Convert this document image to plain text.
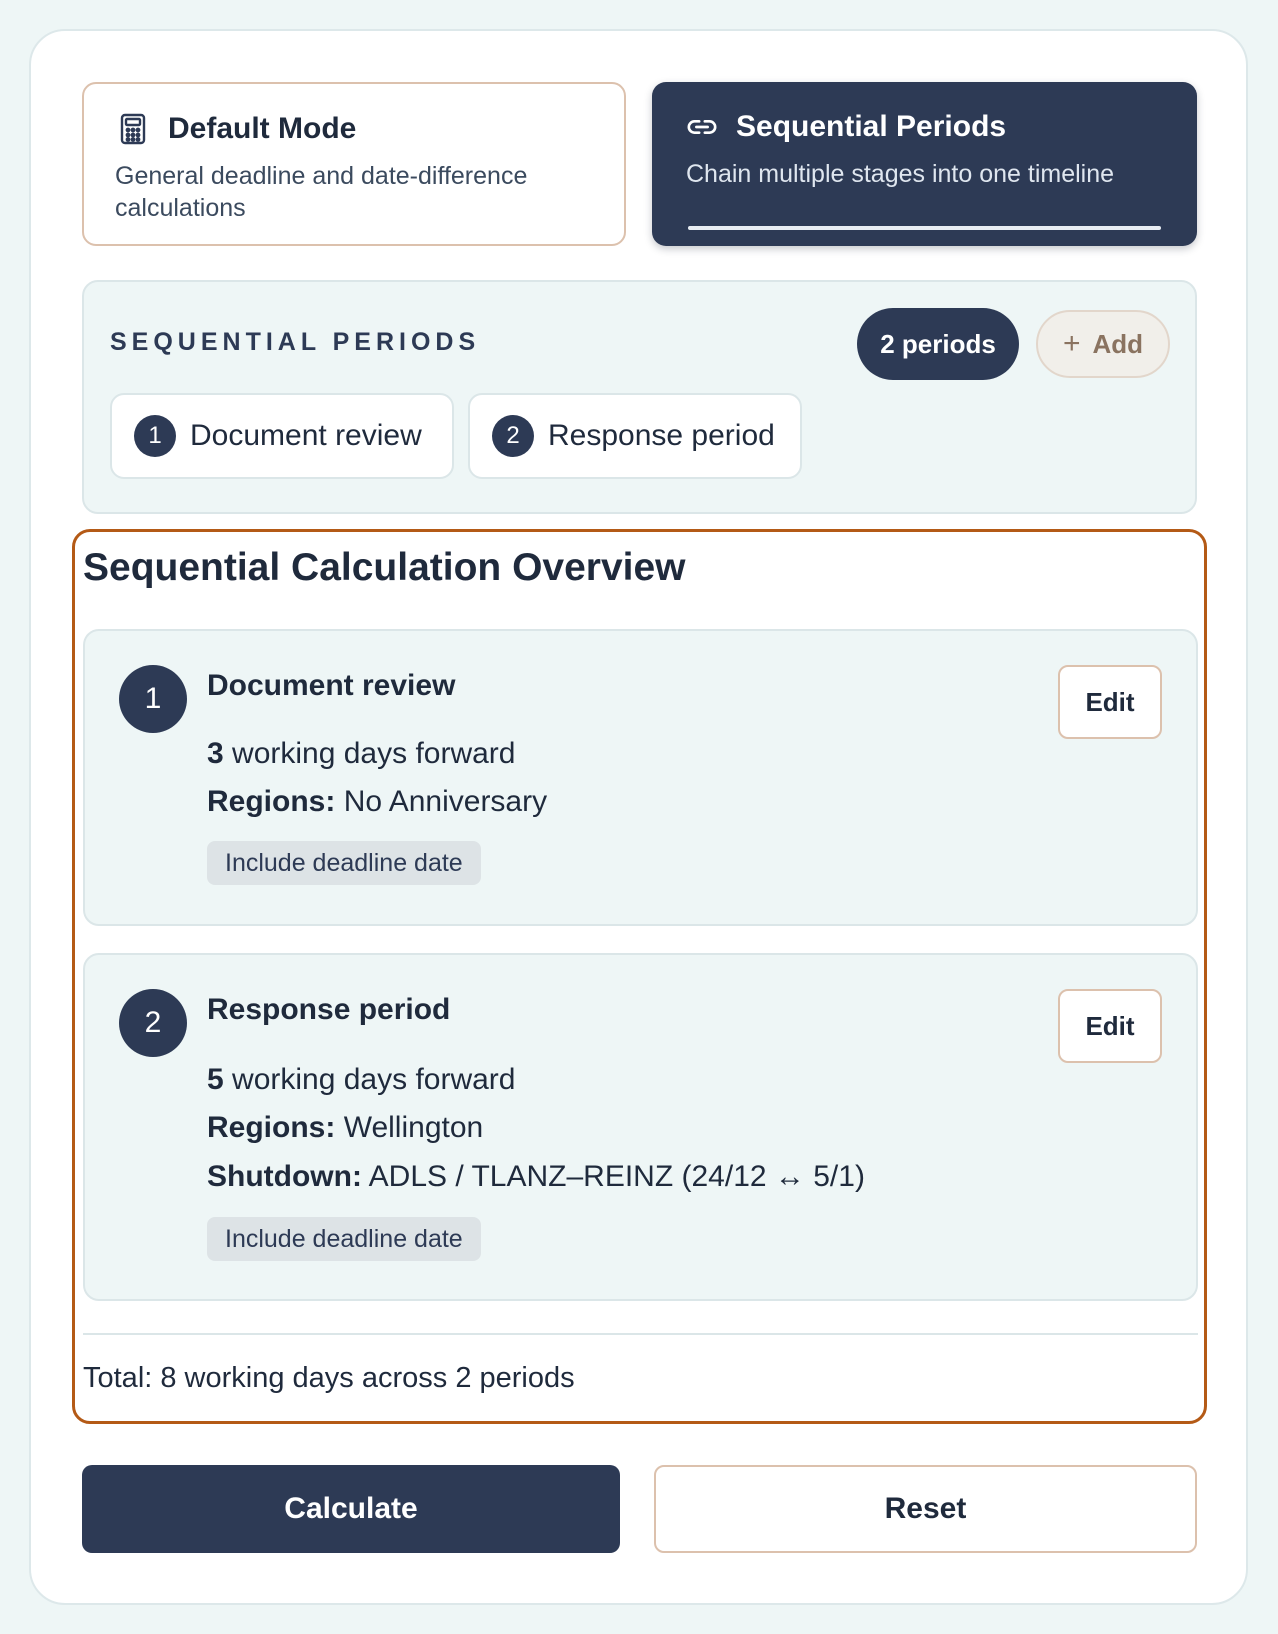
Default Mode
General deadline and date-difference calculations
Sequential Periods
Chain multiple stages into one timeline
SEQUENTIAL PERIODS	2 periods	+ Add
1 Document review	2 Response period
Sequential Calculation Overview
1	Document review	Edit
3 working days forward
Regions: No Anniversary
Include deadline date
2	Response period	Edit
5 working days forward
Regions: Wellington
Shutdown: ADLS / TLANZ–REINZ (24/12 ↔ 5/1)
Include deadline date
Total: 8 working days across 2 periods
Calculate	Reset
